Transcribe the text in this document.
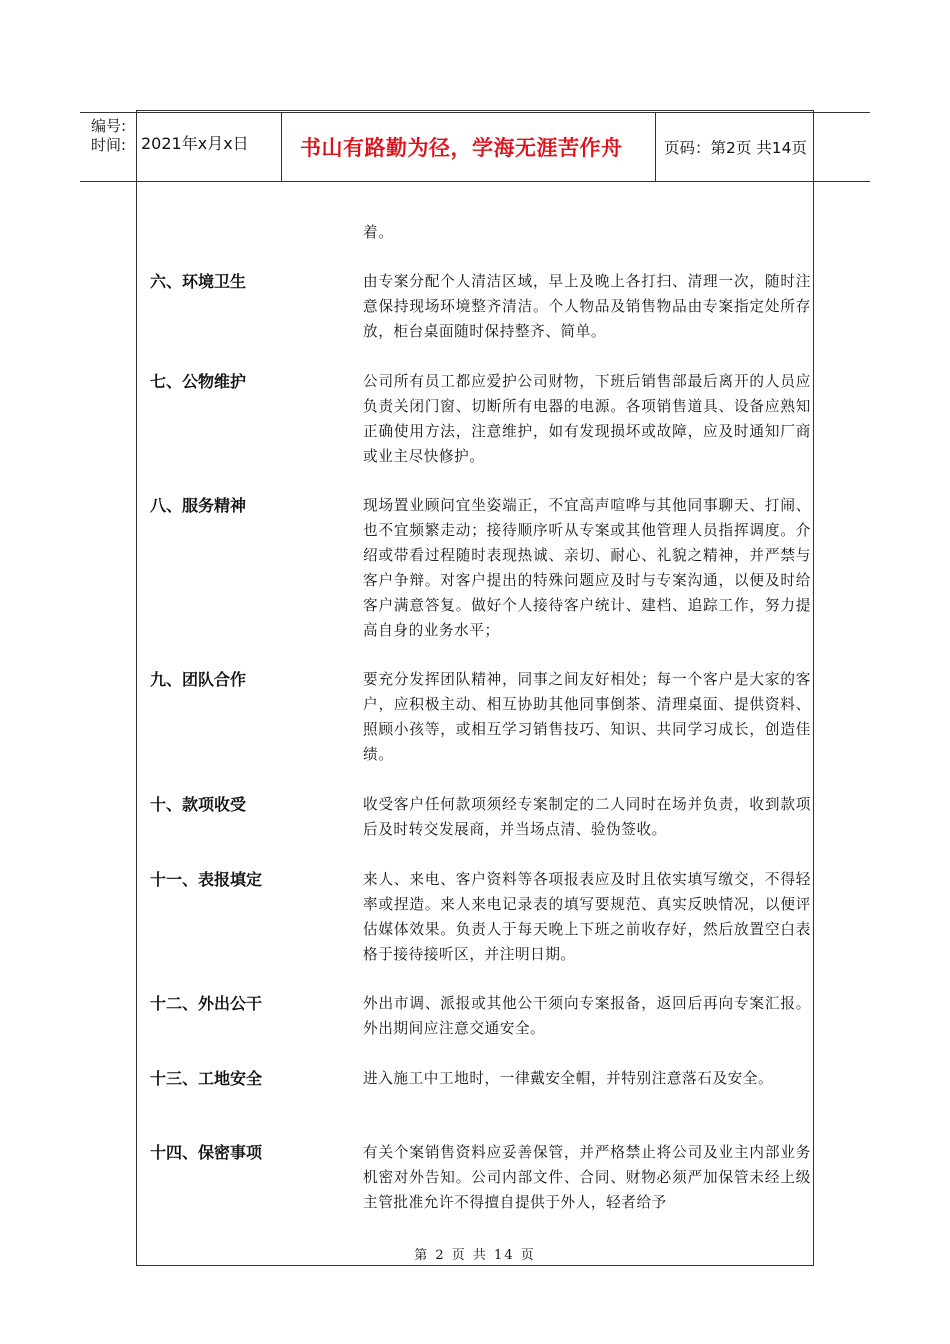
编号:
时间: 2021年x月x日 书山有路勤为径，学海无涯苦作舟	页码：第2页 共14页
着。
六、环境卫生	由专案分配个人清洁区域，早上及晚上各打扫、清理一次，随时注意保持现场环境整齐清洁。个人物品及销售物品由专案指定处所存放，柜台桌面随时保持整齐、简单。
七、公物维护	公司所有员工都应爱护公司财物，下班后销售部最后离开的人员应负责关闭门窗、切断所有电器的电源。各项销售道具、设备应熟知正确使用方法，注意维护，如有发现损坏或故障，应及时通知厂商或业主尽快修护。
八、服务精神	现场置业顾问宜坐姿端正，不宜高声喧哗与其他同事聊天、打闹、也不宜频繁走动；接待顺序听从专案或其他管理人员指挥调度。介绍或带看过程随时表现热诚、亲切、耐心、礼貌之精神，并严禁与客户争辩。对客户提出的特殊问题应及时与专案沟通，以便及时给客户满意答复。做好个人接待客户统计、建档、追踪工作，努力提高自身的业务水平；
九、团队合作	要充分发挥团队精神，同事之间友好相处；每一个客户是大家的客户，应积极主动、相互协助其他同事倒茶、清理桌面、提供资料、照顾小孩等，或相互学习销售技巧、知识、共同学习成长，创造佳绩。
十、款项收受	收受客户任何款项须经专案制定的二人同时在场并负责，收到款项后及时转交发展商，并当场点清、验伪签收。
十一、表报填定	来人、来电、客户资料等各项报表应及时且依实填写缴交，不得轻率或捏造。来人来电记录表的填写要规范、真实反映情况，以便评估媒体效果。负责人于每天晚上下班之前收存好，然后放置空白表格于接待接听区，并注明日期。
十二、外出公干	外出市调、派报或其他公干须向专案报备，返回后再向专案汇报。外出期间应注意交通安全。
十三、工地安全	进入施工中工地时，一律戴安全帽，并特别注意落石及安全。
十四、保密事项	有关个案销售资料应妥善保管，并严格禁止将公司及业主内部业务机密对外告知。公司内部文件、合同、财物必须严加保管未经上级主管批准允许不得擅自提供于外人，轻者给予
第 2 页 共 14 页
